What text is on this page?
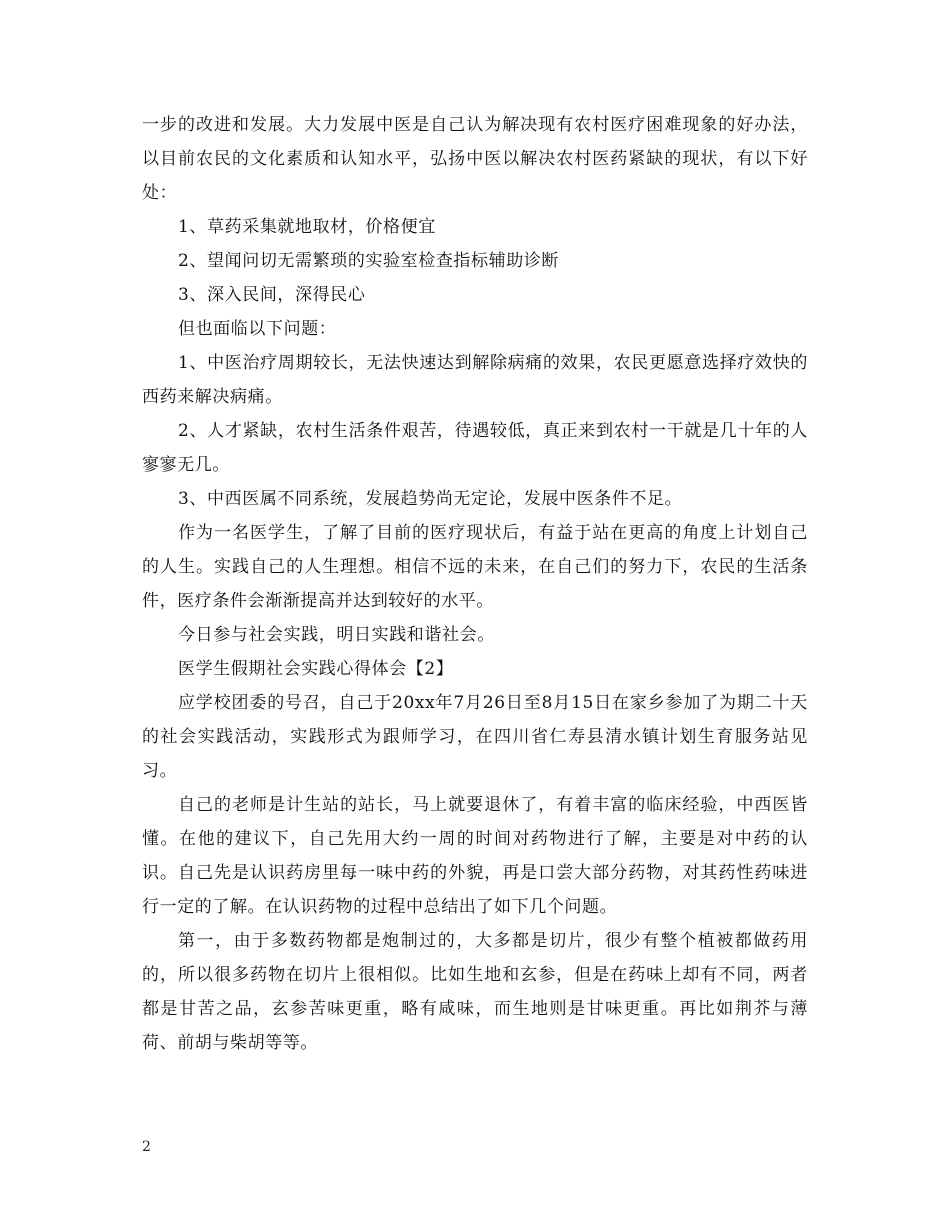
一步的改进和发展。大力发展中医是自己认为解决现有农村医疗困难现象的好办法，以目前农民的文化素质和认知水平，弘扬中医以解决农村医药紧缺的现状，有以下好处：

1、草药采集就地取材，价格便宜

2、望闻问切无需繁琐的实验室检查指标辅助诊断

3、深入民间，深得民心

但也面临以下问题：

1、中医治疗周期较长，无法快速达到解除病痛的效果，农民更愿意选择疗效快的西药来解决病痛。

2、人才紧缺，农村生活条件艰苦，待遇较低，真正来到农村一干就是几十年的人寥寥无几。

3、中西医属不同系统，发展趋势尚无定论，发展中医条件不足。

作为一名医学生，了解了目前的医疗现状后，有益于站在更高的角度上计划自己的人生。实践自己的人生理想。相信不远的未来，在自己们的努力下，农民的生活条件，医疗条件会渐渐提高并达到较好的水平。

今日参与社会实践，明日实践和谐社会。

医学生假期社会实践心得体会【2】

应学校团委的号召，自己于20xx年7月26日至8月15日在家乡参加了为期二十天的社会实践活动，实践形式为跟师学习，在四川省仁寿县清水镇计划生育服务站见习。

自己的老师是计生站的站长，马上就要退休了，有着丰富的临床经验，中西医皆懂。在他的建议下，自己先用大约一周的时间对药物进行了解，主要是对中药的认识。自己先是认识药房里每一味中药的外貌，再是口尝大部分药物，对其药性药味进行一定的了解。在认识药物的过程中总结出了如下几个问题。

第一，由于多数药物都是炮制过的，大多都是切片，很少有整个植被都做药用的，所以很多药物在切片上很相似。比如生地和玄参，但是在药味上却有不同，两者都是甘苦之品，玄参苦味更重，略有咸味，而生地则是甘味更重。再比如荆芥与薄荷、前胡与柴胡等等。

2
